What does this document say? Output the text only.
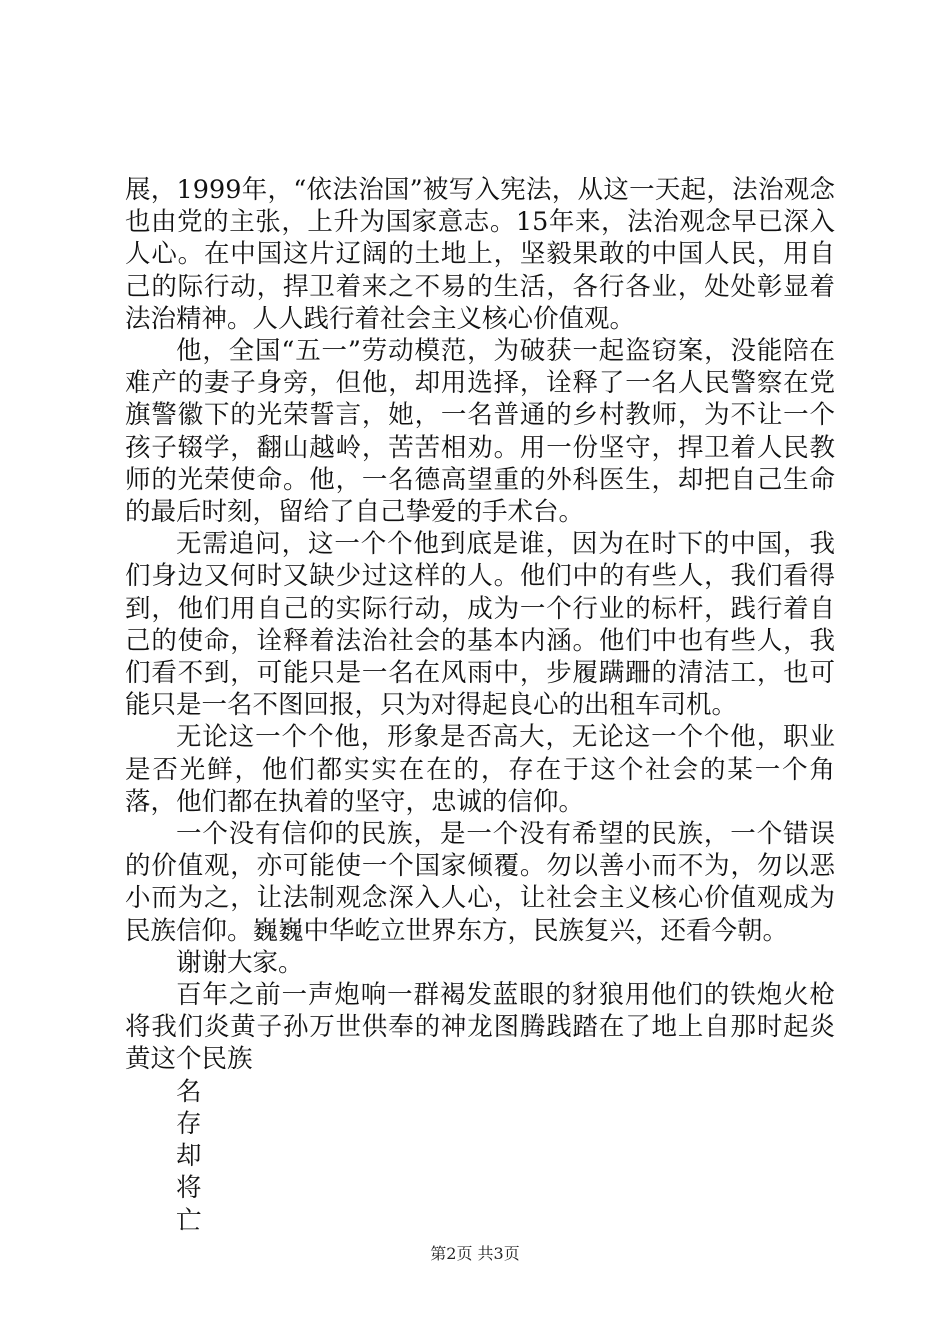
展，1999年，“依法治国”被写入宪法，从这一天起，法治观念也由党的主张，上升为国家意志。15年来，法治观念早已深入人心。在中国这片辽阔的土地上，坚毅果敢的中国人民，用自己的际行动，捍卫着来之不易的生活，各行各业，处处彰显着法治精神。人人践行着社会主义核心价值观。

他，全国“五一”劳动模范，为破获一起盗窃案，没能陪在难产的妻子身旁，但他，却用选择，诠释了一名人民警察在党旗警徽下的光荣誓言，她，一名普通的乡村教师，为不让一个孩子辍学，翻山越岭，苦苦相劝。用一份坚守，捍卫着人民教师的光荣使命。他，一名德高望重的外科医生，却把自己生命的最后时刻，留给了自己挚爱的手术台。

无需追问，这一个个他到底是谁，因为在时下的中国，我们身边又何时又缺少过这样的人。他们中的有些人，我们看得到，他们用自己的实际行动，成为一个行业的标杆，践行着自己的使命，诠释着法治社会的基本内涵。他们中也有些人，我们看不到，可能只是一名在风雨中，步履蹒跚的清洁工，也可能只是一名不图回报，只为对得起良心的出租车司机。

无论这一个个他，形象是否高大，无论这一个个他，职业是否光鲜，他们都实实在在的，存在于这个社会的某一个角落，他们都在执着的坚守，忠诚的信仰。

一个没有信仰的民族，是一个没有希望的民族，一个错误的价值观，亦可能使一个国家倾覆。勿以善小而不为，勿以恶小而为之，让法制观念深入人心，让社会主义核心价值观成为民族信仰。巍巍中华屹立世界东方，民族复兴，还看今朝。

谢谢大家。

百年之前一声炮响一群褐发蓝眼的豺狼用他们的铁炮火枪将我们炎黄子孙万世供奉的神龙图腾践踏在了地上自那时起炎黄这个民族

名

存

却

将

亡

第2页 共3页
